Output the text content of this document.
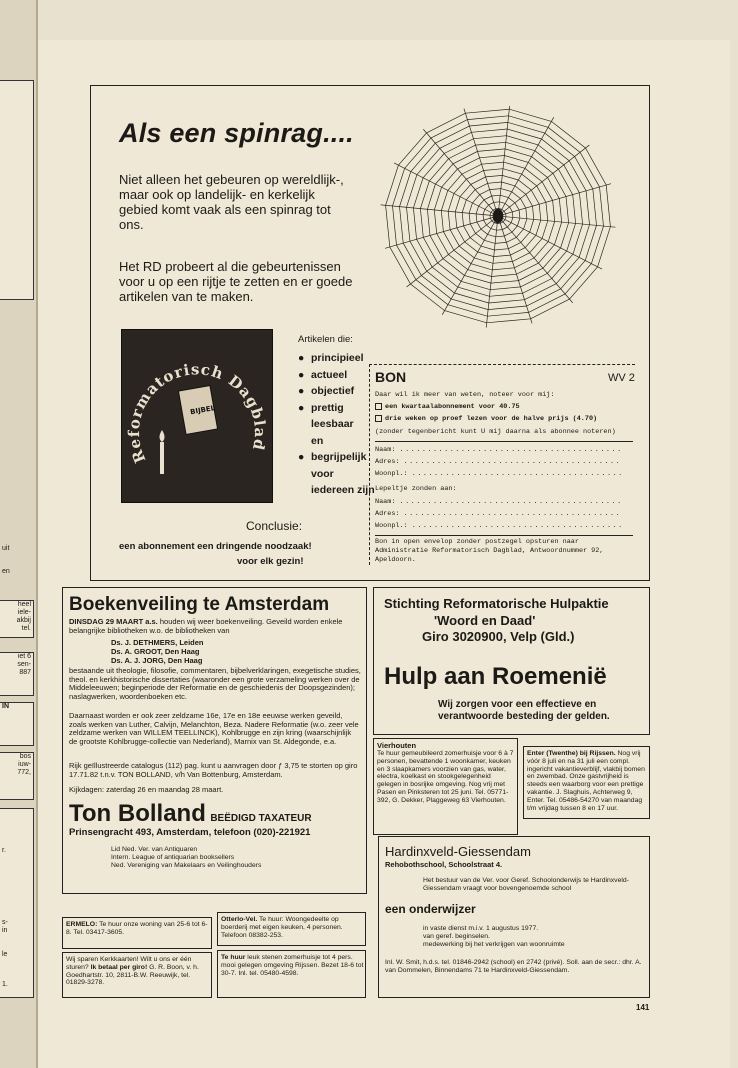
uit
en
heel
iele-
akbij
tel.
iet 6
sen-
887
IN
bos
iuw-
772,
r.
s-
in
le
1.
Als een spinrag....
Niet alleen het gebeuren op wereldlijk-, maar ook op landelijk- en kerkelijk gebied komt vaak als een spinrag tot ons.
Het RD probeert al die gebeurtenissen voor u op een rijtje te zetten en er goede artikelen van te maken.
Reformatorisch Dagblad
BIJBEL
Artikelen die:
● principieel
● actueel
● objectief
● prettig
leesbaar
en
● begrijpelijk
voor
iedereen zijn
Conclusie:
een abonnement een dringende noodzaak!
voor elk gezin!
BON	WV 2
Daar wil ik meer van weten, noteer voor mij:
een kwartaalabonnement voor 40.75
drie weken op proef lezen voor de halve prijs (4.70)
(zonder tegenbericht kunt U mij daarna als abonnee noteren)
Naam: ........................................
Adres: .......................................
Woonpl.: ......................................
Lepeltje zonden aan:
Naam: ........................................
Adres: .......................................
Woonpl.: ......................................
Bon in open envelop zonder postzegel opsturen naar Administratie Reformatorisch Dagblad, Antwoordnummer 92, Apeldoorn.
Boekenveiling te Amsterdam
DINSDAG 29 MAART a.s. houden wij weer boekenveiling. Geveild worden enkele belangrijke bibliotheken w.o. de bibliotheken van
Ds. J. DETHMERS, Leiden
Ds. A. GROOT, Den Haag
Ds. A. J. JORG, Den Haag
bestaande uit theologie, filosofie, commentaren, bijbelverklaringen, exegetische studies, theol. en kerkhistorische dissertaties (waaronder een grote verzameling werken over de Middeleeuwen; beginperiode der Reformatie en de geschiedenis der Doopsgezinden); naslagwerken, woordenboeken etc.
Daarnaast worden er ook zeer zeldzame 16e, 17e en 18e eeuwse werken geveild, zoals werken van Luther, Calvijn, Melanchton, Beza. Nadere Reformatie (w.o. zeer vele zeldzame werken van WILLEM TEELLINCK), Kohlbrugge en zijn kring (waarschijnlijk de grootste Kohlbrugge-collectie van Nederland), Marnix van St. Aldegonde, e.a.
Rijk geïllustreerde catalogus (112) pag. kunt u aanvragen door ƒ 3,75 te storten op giro 17.71.82 t.n.v. TON BOLLAND, v/h Van Bottenburg, Amsterdam.
Kijkdagen: zaterdag 26 en maandag 28 maart.
Ton Bolland BEËDIGD TAXATEUR
Prinsengracht 493, Amsterdam, telefoon (020)-221921
Lid Ned. Ver. van Antiquaren
Intern. League of antiquarian booksellers
Ned. Vereniging van Makelaars en Veilinghouders
ERMELO: Te huur onze woning van 25-6 tot 6-8. Tel. 03417-3605.
Wij sparen Kerkkaarten! Wilt u ons er één sturen? Ik betaal per giro! G. R. Boon, v. h. Goedhartstr. 10, 2811-B.W. Reeuwijk, tel. 01829-3278.
Otterlo-Vel. Te huur: Woongedeelte op boerderij met eigen keuken, 4 personen. Telefoon 08382-253.
Te huur leuk stenen zomerhuisje tot 4 pers. mooi gelegen omgeving Rijssen. Bezet 18-6 tot 30-7. Inl. tel. 05480-4598.
Stichting Reformatorische Hulpaktie
'Woord en Daad'
Giro 3020900, Velp (Gld.)
Hulp aan Roemenië
Wij zorgen voor een effectieve en verantwoorde besteding der gelden.
Vierhouten
Te huur gemeubileerd zomerhuisje voor 6 à 7 personen, bevattende 1 woonkamer, keuken en 3 slaapkamers voorzien van gas, water, electra, koelkast en stookgelegenheid gelegen in bosrijke omgeving. Nog vrij met Pasen en Pinksteren tot 25 juni. Tel. 05771-392, G. Dekker, Plaggeweg 63 Vierhouten.
Enter (Twenthe) bij Rijssen. Nog vrij vóór 8 juli en na 31 juli een compl. ingericht vakantieverblijf, vlakbij bomen en zwembad. Onze gastvrijheid is steeds een waarborg voor een prettige vakantie. J. Slaghuis, Achterweg 9, Enter. Tel. 05486-54270 van maandag t/m vrijdag tussen 8 en 17 uur.
Hardinxveld-Giessendam
Rehobothschool, Schoolstraat 4.
Het bestuur van de Ver. voor Geref. Schoolonderwijs te Hardinxveld-Giessendam vraagt voor bovengenoemde school
een onderwijzer
in vaste dienst m.i.v. 1 augustus 1977.
van geref. beginselen.
medewerking bij het verkrijgen van woonruimte
Inl. W. Smit, h.d.s. tel. 01846-2942 (school) en 2742 (privé). Soll. aan de secr.: dhr. A. van Dommelen, Binnendams 71 te Hardinxveld-Giessendam.
141
